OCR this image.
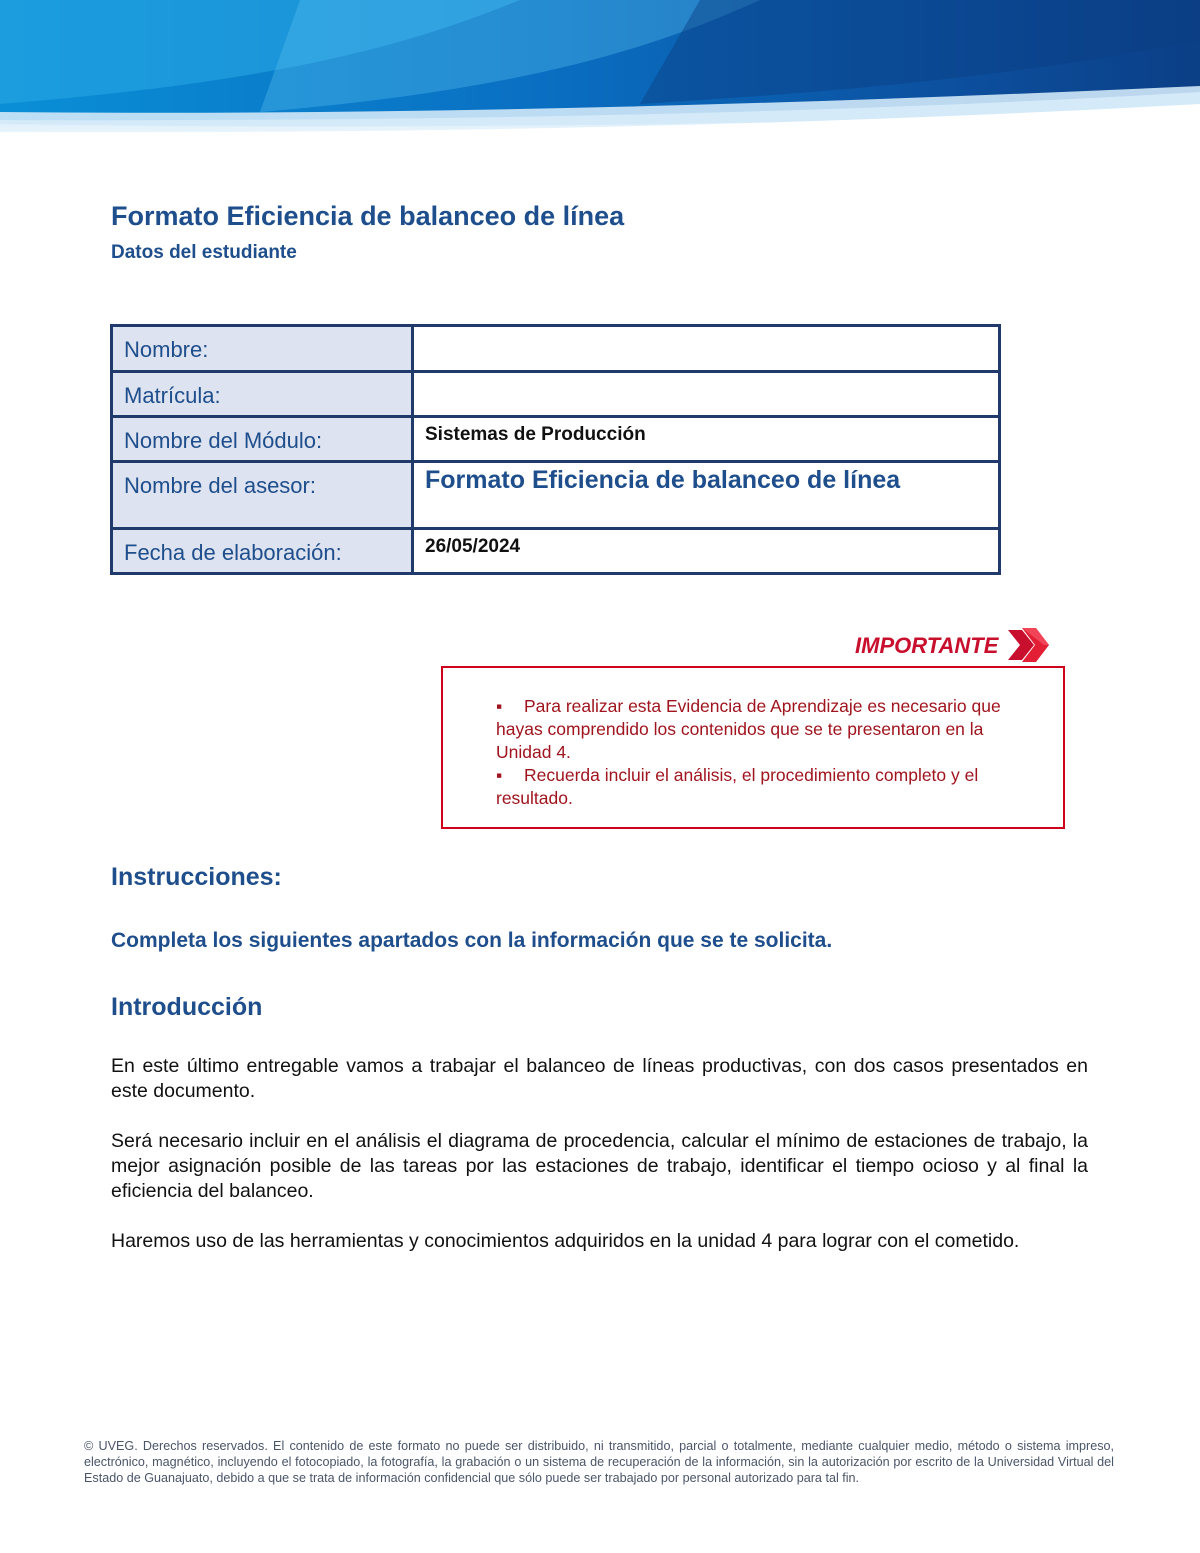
Formato Eficiencia de balanceo de línea
Datos del estudiante
Nombre:	
Matrícula:	
Nombre del Módulo:	Sistemas de Producción
Nombre del asesor:	Formato Eficiencia de balanceo de línea
Fecha de elaboración:	26/05/2024
IMPORTANTE
▪ Para realizar esta Evidencia de Aprendizaje es necesario que hayas comprendido los contenidos que se te presentaron en la Unidad 4.
▪ Recuerda incluir el análisis, el procedimiento completo y el resultado.
Instrucciones:
Completa los siguientes apartados con la información que se te solicita.
Introducción

En este último entregable vamos a trabajar el balanceo de líneas productivas, con dos casos presentados en este documento.

Será necesario incluir en el análisis el diagrama de procedencia, calcular el mínimo de estaciones de trabajo, la mejor asignación posible de las tareas por las estaciones de trabajo, identificar el tiempo ocioso y al final la eficiencia del balanceo.

Haremos uso de las herramientas y conocimientos adquiridos en la unidad 4 para lograr con el cometido.

© UVEG. Derechos reservados. El contenido de este formato no puede ser distribuido, ni transmitido, parcial o totalmente, mediante cualquier medio, método o sistema impreso, electrónico, magnético, incluyendo el fotocopiado, la fotografía, la grabación o un sistema de recuperación de la información, sin la autorización por escrito de la Universidad Virtual del Estado de Guanajuato, debido a que se trata de información confidencial que sólo puede ser trabajado por personal autorizado para tal fin.
